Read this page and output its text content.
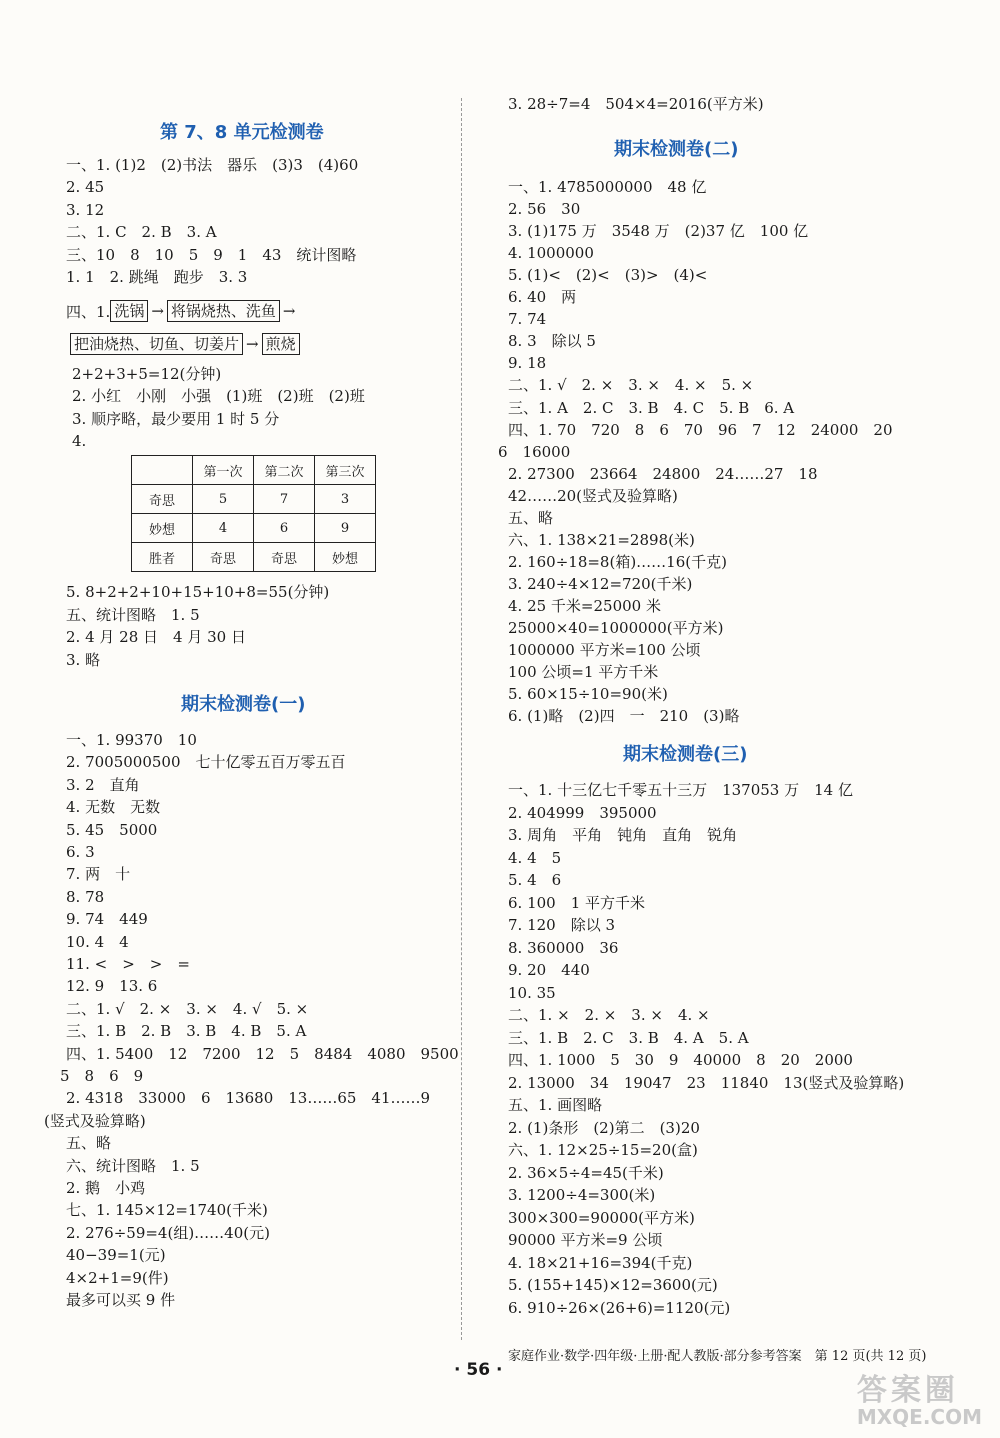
第 7、8 单元检测卷
一、1. (1)2　(2)书法　器乐　(3)3　(4)60
2. 45
3. 12
二、1. C　2. B　3. A
三、10　8　10　5　9　1　43　统计图略
1. 1　2. 跳绳　跑步　3. 3
四、1. 洗锅 → 将锅烧热、洗鱼 →
把油烧热、切鱼、切姜片 → 煎烧
2+2+3+5=12(分钟)
2. 小红　小刚　小强　(1)班　(2)班　(2)班
3. 顺序略，最少要用 1 时 5 分
4.
	第一次	第二次	第三次
奇思	5	7	3
妙想	4	6	9
胜者	奇思	奇思	妙想
5. 8+2+2+10+15+10+8=55(分钟)
五、统计图略　1. 5
2. 4 月 28 日　4 月 30 日
3. 略
期末检测卷(一)
一、1. 99370　10
2. 7005000500　七十亿零五百万零五百
3. 2　直角
4. 无数　无数
5. 45　5000
6. 3
7. 两　十
8. 78
9. 74　449
10. 4　4
11. <　>　>　=
12. 9　13. 6
二、1. √　2. ×　3. ×　4. √　5. ×
三、1. B　2. B　3. B　4. B　5. A
四、1. 5400　12　7200　12　5　8484　4080　9500
5　8　6　9
2. 4318　33000　6　13680　13……65　41……9
(竖式及验算略)
五、略
六、统计图略　1. 5
2. 鹅　小鸡
七、1. 145×12=1740(千米)
2. 276÷59=4(组)……40(元)
40−39=1(元)
4×2+1=9(件)
最多可以买 9 件
3. 28÷7=4　504×4=2016(平方米)
期末检测卷(二)
一、1. 4785000000　48 亿
2. 56　30
3. (1)175 万　3548 万　(2)37 亿　100 亿
4. 1000000
5. (1)<　(2)<　(3)>　(4)<
6. 40　两
7. 74
8. 3　除以 5
9. 18
二、1. √　2. ×　3. ×　4. ×　5. ×
三、1. A　2. C　3. B　4. C　5. B　6. A
四、1. 70　720　8　6　70　96　7　12　24000　20
6　16000
2. 27300　23664　24800　24……27　18
42……20(竖式及验算略)
五、略
六、1. 138×21=2898(米)
2. 160÷18=8(箱)……16(千克)
3. 240÷4×12=720(千米)
4. 25 千米=25000 米
25000×40=1000000(平方米)
1000000 平方米=100 公顷
100 公顷=1 平方千米
5. 60×15÷10=90(米)
6. (1)略　(2)四　一　210　(3)略
期末检测卷(三)
一、1. 十三亿七千零五十三万　137053 万　14 亿
2. 404999　395000
3. 周角　平角　钝角　直角　锐角
4. 4　5
5. 4　6
6. 100　1 平方千米
7. 120　除以 3
8. 360000　36
9. 20　440
10. 35
二、1. ×　2. ×　3. ×　4. ×
三、1. B　2. C　3. B　4. A　5. A
四、1. 1000　5　30　9　40000　8　20　2000
2. 13000　34　19047　23　11840　13(竖式及验算略)
五、1. 画图略
2. (1)条形　(2)第二　(3)20
六、1. 12×25÷15=20(盒)
2. 36×5÷4=45(千米)
3. 1200÷4=300(米)
300×300=90000(平方米)
90000 平方米=9 公顷
4. 18×21+16=394(千克)
5. (155+145)×12=3600(元)
6. 910÷26×(26+6)=1120(元)
家庭作业·数学·四年级·上册·配人教版·部分参考答案　第 12 页(共 12 页)
· 56 ·
答案圈
MXQE.COM
